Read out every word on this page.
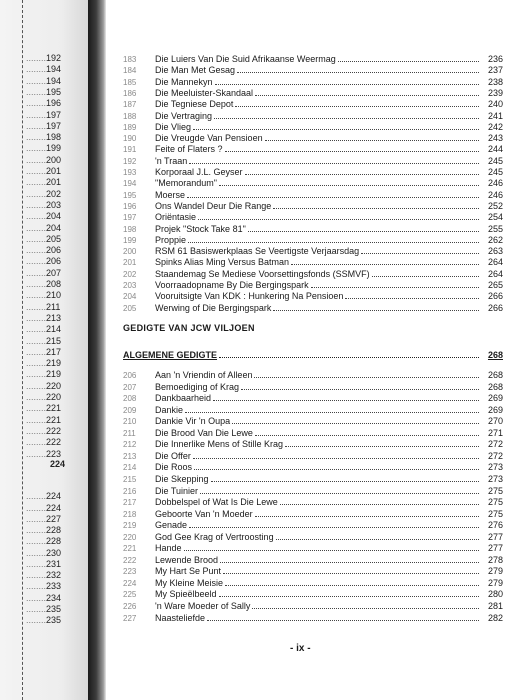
........192
........194
........194
........195
........196
........197
........197
........198
........199
........200
........201
........201
........202
........203
........204
........204
........205
........206
........206
........207
........208
........210
........211
........213
........214
........215
........217
........219
........219
........220
........220
........221
........221
........222
........222
........223
224
........224
........224
........227
........228
........228
........230
........231
........232
........233
........234
........235
........235
183	Die Luiers Van Die Suid Afrikaanse Weermag	236
184	Die Man Met Gesag	237
185	Die Mannekyn	238
186	Die Meeluister-Skandaal	239
187	Die Tegniese Depot	240
188	Die Vertraging	241
189	Die Vlieg	242
190	Die Vreugde Van Pensioen	243
191	Feite of Flaters ?	244
192	'n Traan	245
193	Korporaal J.L. Geyser	245
194	"Memorandum"	246
195	Moerse	246
196	Ons Wandel Deur Die Range	252
197	Oriëntasie	254
198	Projek "Stock Take 81"	255
199	Proppie	262
200	RSM 61 Basiswerkplaas Se Veertigste Verjaarsdag	263
201	Spinks Alias Ming Versus Batman	264
202	Staandemag Se Mediese Voorsettingsfonds (SSMVF)	264
203	Voorraadopname By Die Bergingspark	265
204	Vooruitsigte Van KDK : Hunkering Na Pensioen	266
205	Werwing of Die Bergingspark	266
GEDIGTE VAN JCW VILJOEN
ALGEMENE GEDIGTE	268
206	Aan 'n Vriendin of Alleen	268
207	Bemoediging of Krag	268
208	Dankbaarheid	269
209	Dankie	269
210	Dankie Vir 'n Oupa	270
211	Die Brood Van Die Lewe	271
212	Die Innerlike Mens of Stille Krag	272
213	Die Offer	272
214	Die Roos	273
215	Die Skepping	273
216	Die Tuinier	275
217	Dobbelspel of Wat Is Die Lewe	275
218	Geboorte Van 'n Moeder	275
219	Genade	276
220	God Gee Krag of Vertroosting	277
221	Hande	277
222	Lewende Brood	278
223	My Hart Se Punt	279
224	My Kleine Meisie	279
225	My Spieëlbeeld	280
226	'n Ware Moeder of Sally	281
227	Naasteliefde	282
- ix -
